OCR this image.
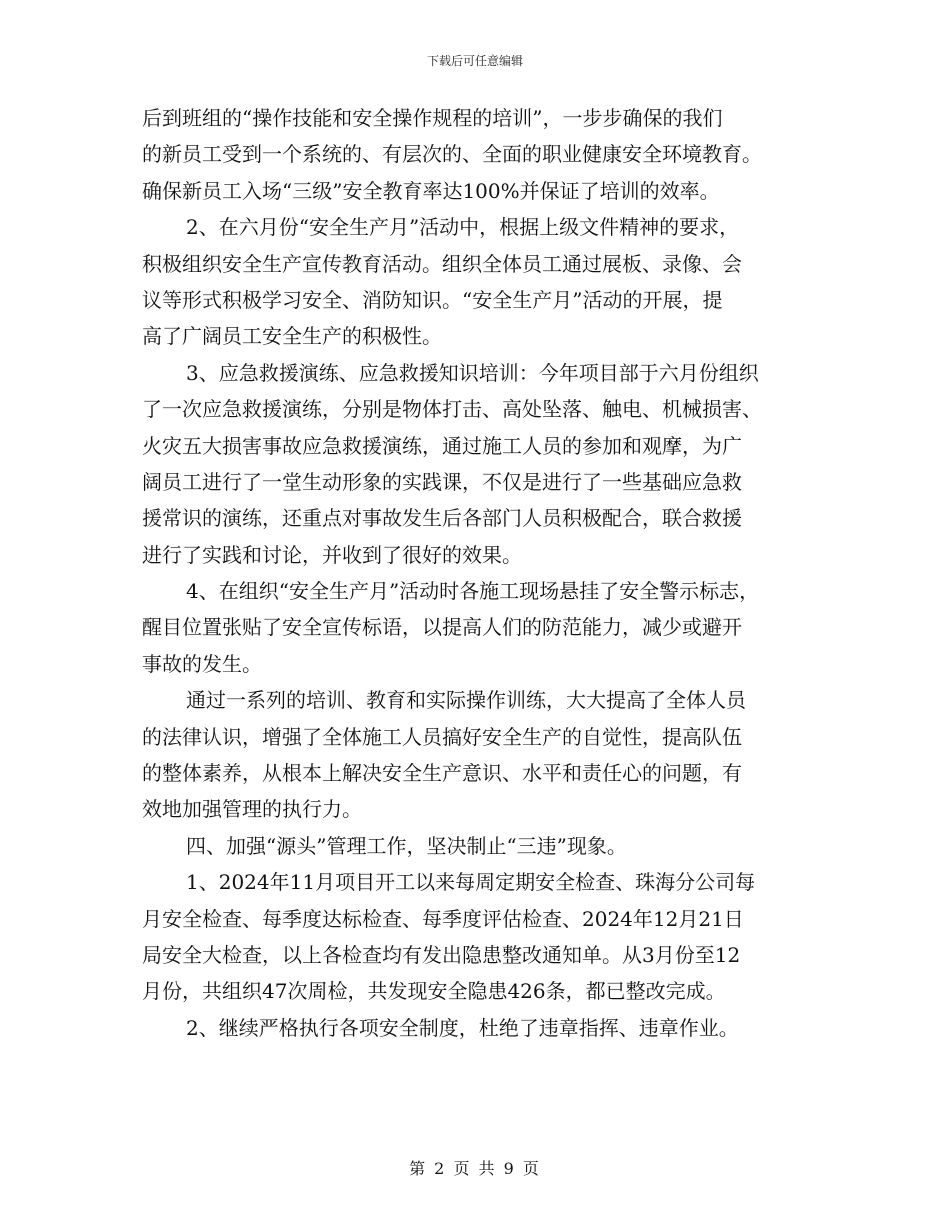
下载后可任意编辑
后到班组的“操作技能和安全操作规程的培训”，一步步确保的我们
的新员工受到一个系统的、有层次的、全面的职业健康安全环境教育。
确保新员工入场“三级”安全教育率达100%并保证了培训的效率。
2、在六月份“安全生产月”活动中，根据上级文件精神的要求，
积极组织安全生产宣传教育活动。组织全体员工通过展板、录像、会
议等形式积极学习安全、消防知识。“安全生产月”活动的开展，提
高了广阔员工安全生产的积极性。
3、应急救援演练、应急救援知识培训：今年项目部于六月份组织
了一次应急救援演练，分别是物体打击、高处坠落、触电、机械损害、
火灾五大损害事故应急救援演练，通过施工人员的参加和观摩，为广
阔员工进行了一堂生动形象的实践课，不仅是进行了一些基础应急救
援常识的演练，还重点对事故发生后各部门人员积极配合，联合救援
进行了实践和讨论，并收到了很好的效果。
4、在组织“安全生产月”活动时各施工现场悬挂了安全警示标志，
醒目位置张贴了安全宣传标语，以提高人们的防范能力，减少或避开
事故的发生。
通过一系列的培训、教育和实际操作训练，大大提高了全体人员
的法律认识，增强了全体施工人员搞好安全生产的自觉性，提高队伍
的整体素养，从根本上解决安全生产意识、水平和责任心的问题，有
效地加强管理的执行力。
四、加强“源头”管理工作，坚决制止“三违”现象。
1、2024年11月项目开工以来每周定期安全检查、珠海分公司每
月安全检查、每季度达标检查、每季度评估检查、2024年12月21日
局安全大检查，以上各检查均有发出隐患整改通知单。从3月份至12
月份，共组织47次周检，共发现安全隐患426条，都已整改完成。
2、继续严格执行各项安全制度，杜绝了违章指挥、违章作业。
第 2 页 共 9 页
